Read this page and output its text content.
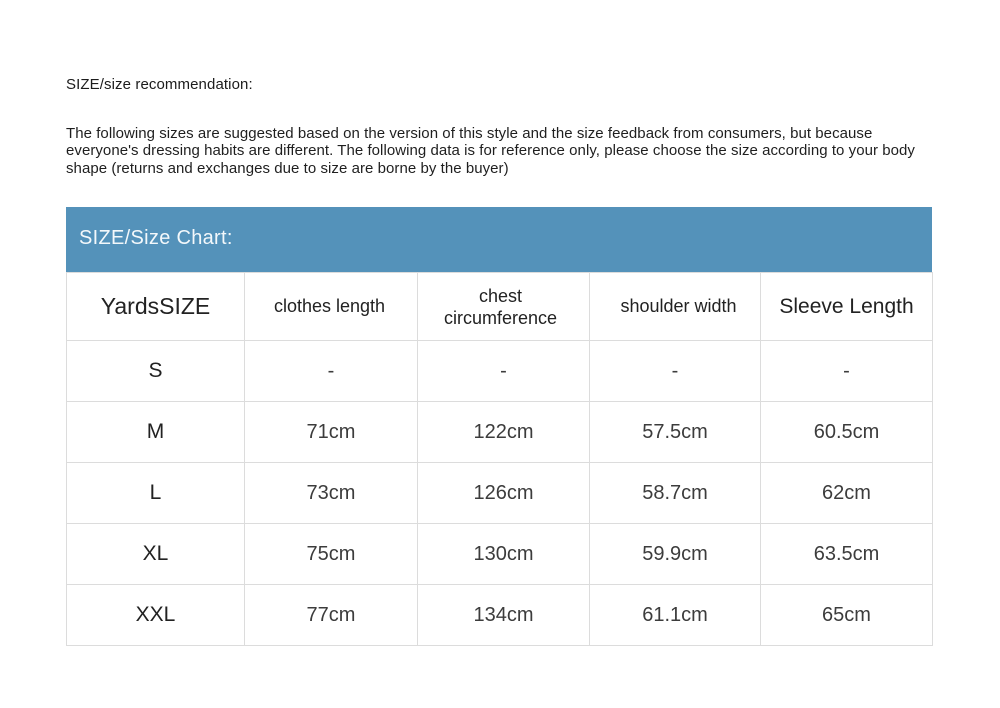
SIZE/size recommendation:
The following sizes are suggested based on the version of this style and the size feedback from consumers, but because everyone's dressing habits are different. The following data is for reference only, please choose the size according to your body shape (returns and exchanges due to size are borne by the buyer)
SIZE/Size Chart:
YardsSIZE	clothes length	chest circumference	shoulder width	Sleeve Length
S	-	-	-	-
M	71cm	122cm	57.5cm	60.5cm
L	73cm	126cm	58.7cm	62cm
XL	75cm	130cm	59.9cm	63.5cm
XXL	77cm	134cm	61.1cm	65cm
